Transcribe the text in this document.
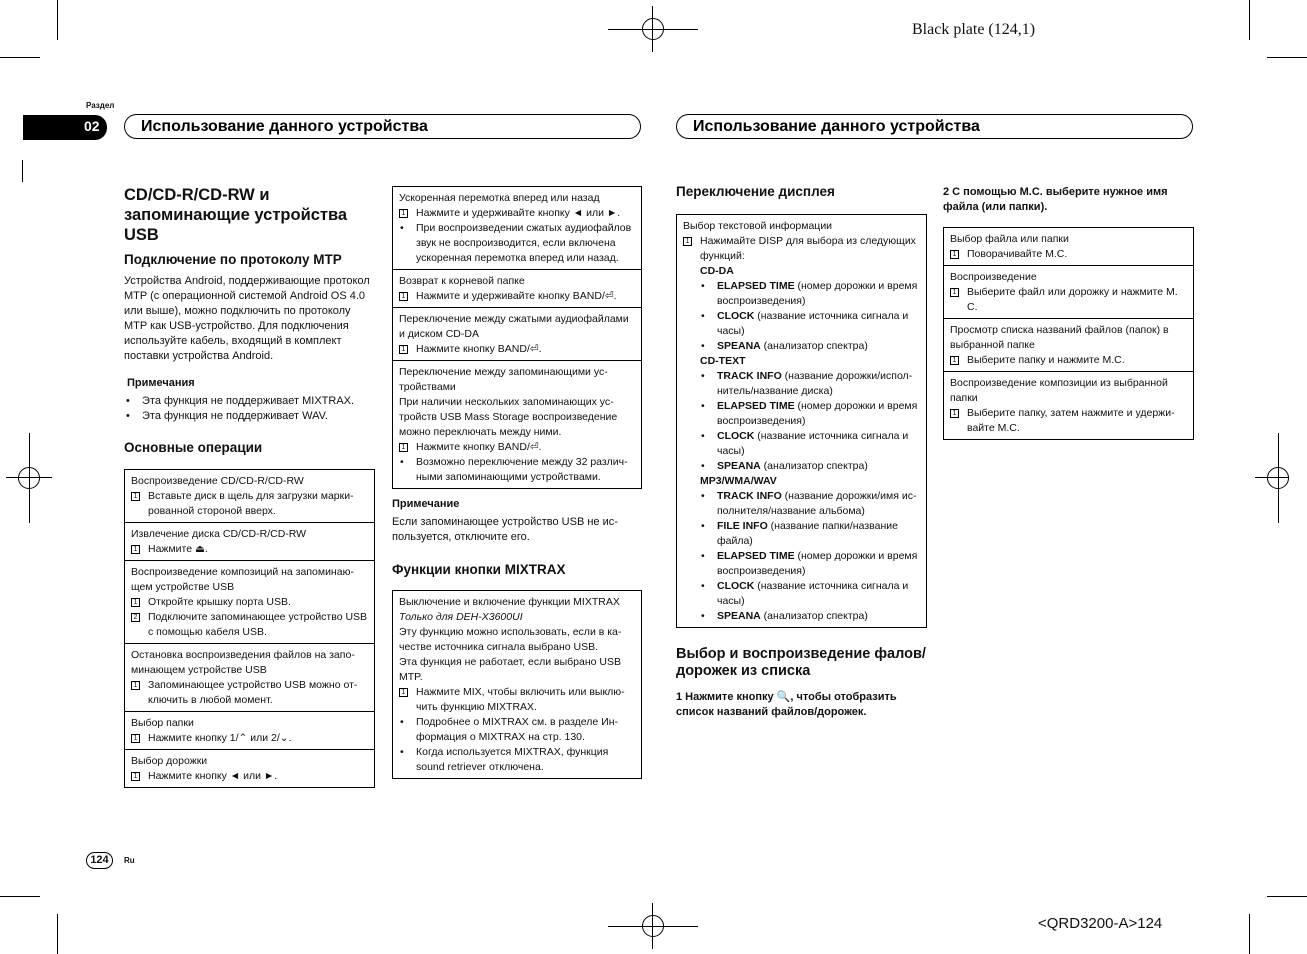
Black plate (124,1)
Раздел
02	Использование данного устройства	Использование данного устройства
CD/CD-R/CD-RW и запоминающие устройства USB
Подключение по протоколу MTP
Устройства Android, поддерживающие протокол MTP (с операционной системой Android OS 4.0 или выше), можно подключить по протоколу MTP как USB-устройство. Для подключения используйте кабель, входящий в комплект поставки устройства Android.
Примечания
• Эта функция не поддерживает MIXTRAX.
• Эта функция не поддерживает WAV.
Основные операции
Воспроизведение CD/CD-R/CD-RW
1 Вставьте диск в щель для загрузки маркированной стороной вверх.
Извлечение диска CD/CD-R/CD-RW
1 Нажмите ⏏.
Воспроизведение композиций на запоминающем устройстве USB
1 Откройте крышку порта USB.
2 Подключите запоминающее устройство USB с помощью кабеля USB.
Остановка воспроизведения файлов на запоминающем устройстве USB
1 Запоминающее устройство USB можно отключить в любой момент.
Выбор папки
1 Нажмите кнопку 1/⌃ или 2/⌄.
Выбор дорожки
1 Нажмите кнопку ◄ или ►.
Ускоренная перемотка вперед или назад
1 Нажмите и удерживайте кнопку ◄ или ►.
• При воспроизведении сжатых аудиофайлов звук не воспроизводится, если включена ускоренная перемотка вперед или назад.
Возврат к корневой папке
1 Нажмите и удерживайте кнопку BAND/⏎.
Переключение между сжатыми аудиофайлами и диском CD-DA
1 Нажмите кнопку BAND/⏎.
Переключение между запоминающими устройствами
При наличии нескольких запоминающих устройств USB Mass Storage воспроизведение можно переключать между ними.
1 Нажмите кнопку BAND/⏎.
• Возможно переключение между 32 различными запоминающими устройствами.
Примечание
Если запоминающее устройство USB не используется, отключите его.
Функции кнопки MIXTRAX
Выключение и включение функции MIXTRAX
Только для DEH-X3600UI
Эту функцию можно использовать, если в качестве источника сигнала выбрано USB.
Эта функция не работает, если выбрано USB MTP.
1 Нажмите MIX, чтобы включить или выключить функцию MIXTRAX.
• Подробнее о MIXTRAX см. в разделе Информация о MIXTRAX на стр. 130.
• Когда используется MIXTRAX, функция sound retriever отключена.
Переключение дисплея
Выбор текстовой информации
1 Нажимайте DISP для выбора из следующих функций:
CD-DA
• ELAPSED TIME (номер дорожки и время воспроизведения)
• CLOCK (название источника сигнала и часы)
• SPEANA (анализатор спектра)
CD-TEXT
• TRACK INFO (название дорожки/исполнитель/название диска)
• ELAPSED TIME (номер дорожки и время воспроизведения)
• CLOCK (название источника сигнала и часы)
• SPEANA (анализатор спектра)
MP3/WMA/WAV
• TRACK INFO (название дорожки/имя исполнителя/название альбома)
• FILE INFO (название папки/название файла)
• ELAPSED TIME (номер дорожки и время воспроизведения)
• CLOCK (название источника сигнала и часы)
• SPEANA (анализатор спектра)
Выбор и воспроизведение фалов/дорожек из списка
1 Нажмите кнопку 🔍, чтобы отобразить список названий файлов/дорожек.
2 С помощью M.C. выберите нужное имя файла (или папки).
Выбор файла или папки
1 Поворачивайте M.C.
Воспроизведение
1 Выберите файл или дорожку и нажмите M. C.
Просмотр списка названий файлов (папок) в выбранной папке
1 Выберите папку и нажмите M.C.
Воспроизведение композиции из выбранной папки
1 Выберите папку, затем нажмите и удерживайте M.C.
124	Ru
<QRD3200-A>124
